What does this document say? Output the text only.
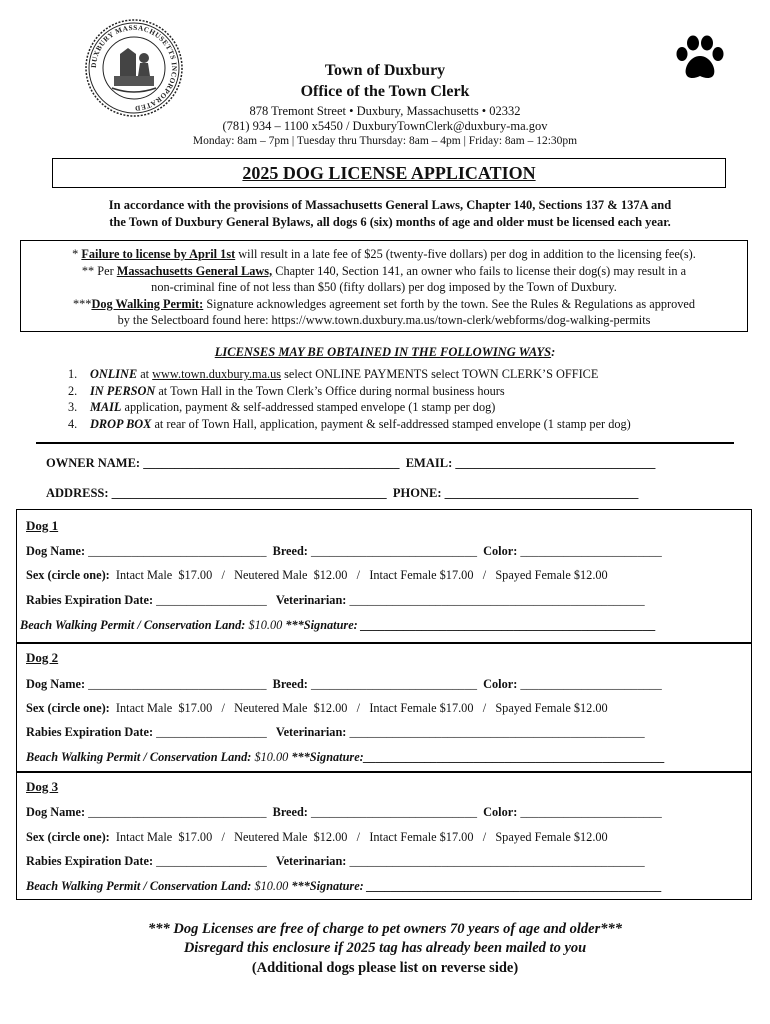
DUXBURY MASSACHUSETTS INCORPORATED
Town of Duxbury
Office of the Town Clerk
878 Tremont Street • Duxbury, Massachusetts • 02332
(781) 934 – 1100 x5450 / DuxburyTownClerk@duxbury-ma.gov
Monday: 8am – 7pm | Tuesday thru Thursday: 8am – 4pm | Friday: 8am – 12:30pm
2025 DOG LICENSE APPLICATION
In accordance with the provisions of Massachusetts General Laws, Chapter 140, Sections 137 & 137A and
the Town of Duxbury General Bylaws, all dogs 6 (six) months of age and older must be licensed each year.
* Failure to license by April 1st will result in a late fee of $25 (twenty-five dollars) per dog in addition to the licensing fee(s).
** Per Massachusetts General Laws, Chapter 140, Section 141, an owner who fails to license their dog(s) may result in a
non-criminal fine of not less than $50 (fifty dollars) per dog imposed by the Town of Duxbury.
***Dog Walking Permit: Signature acknowledges agreement set forth by the town. See the Rules & Regulations as approved
by the Selectboard found here: https://www.town.duxbury.ma.us/town-clerk/webforms/dog-walking-permits
LICENSES MAY BE OBTAINED IN THE FOLLOWING WAYS:
1. ONLINE at www.town.duxbury.ma.us select ONLINE PAYMENTS select TOWN CLERK’S OFFICE
2. IN PERSON at Town Hall in the Town Clerk’s Office during normal business hours
3. MAIL application, payment & self-addressed stamped envelope (1 stamp per dog)
4. DROP BOX at rear of Town Hall, application, payment & self-addressed stamped envelope (1 stamp per dog)
OWNER NAME: _________________________________________  EMAIL: ________________________________
ADDRESS: ____________________________________________  PHONE: _______________________________
Dog 1
Dog Name: _____________________________  Breed: ___________________________  Color: _______________________
Sex (circle one):  Intact Male  $17.00   /   Neutered Male  $12.00   /   Intact Female $17.00   /   Spayed Female $12.00
Rabies Expiration Date: __________________   Veterinarian: ________________________________________________
Beach Walking Permit / Conservation Land: $10.00 ***Signature: ________________________________________________
Dog 2
Dog Name: _____________________________  Breed: ___________________________  Color: _______________________
Sex (circle one):  Intact Male  $17.00   /   Neutered Male  $12.00   /   Intact Female $17.00   /   Spayed Female $12.00
Rabies Expiration Date: __________________   Veterinarian: ________________________________________________
Beach Walking Permit / Conservation Land: $10.00 ***Signature:_________________________________________________
Dog 3
Dog Name: _____________________________  Breed: ___________________________  Color: _______________________
Sex (circle one):  Intact Male  $17.00   /   Neutered Male  $12.00   /   Intact Female $17.00   /   Spayed Female $12.00
Rabies Expiration Date: __________________   Veterinarian: ________________________________________________
Beach Walking Permit / Conservation Land: $10.00 ***Signature: ________________________________________________
*** Dog Licenses are free of charge to pet owners 70 years of age and older***
Disregard this enclosure if 2025 tag has already been mailed to you
(Additional dogs please list on reverse side)
